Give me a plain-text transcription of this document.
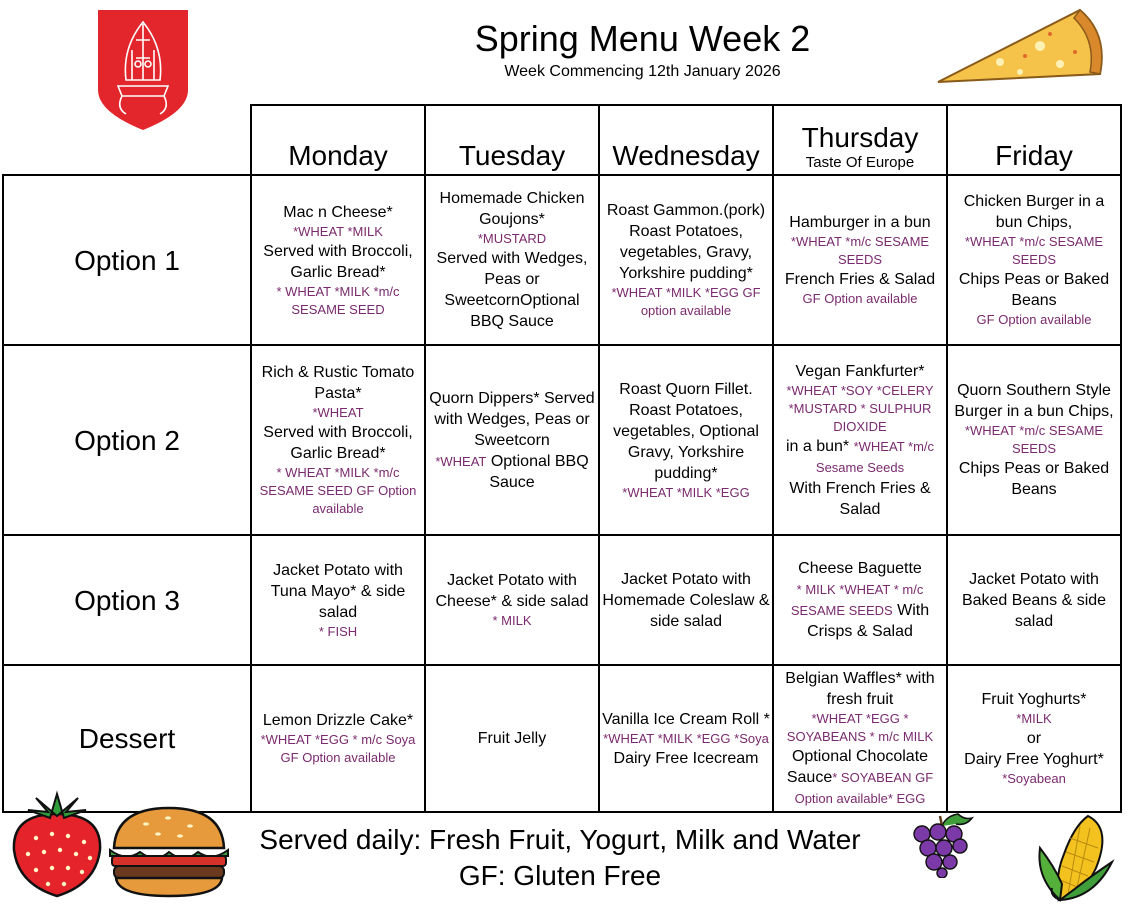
Spring Menu Week 2
Week Commencing 12th January 2026
	Monday	Tuesday	Wednesday	Thursday
Taste Of Europe	Friday
Option 1	Mac n Cheese*
*WHEAT *MILK
Served with Broccoli, Garlic Bread*
* WHEAT *MILK *m/c SESAME SEED	Homemade Chicken Goujons*
*MUSTARD
Served with Wedges, Peas or SweetcornOptional BBQ Sauce	Roast Gammon.(pork) Roast Potatoes, vegetables, Gravy, Yorkshire pudding*
*WHEAT *MILK *EGG GF option available	Hamburger in a bun
*WHEAT *m/c SESAME SEEDS
French Fries & Salad
GF Option available	Chicken Burger in a bun Chips,
*WHEAT *m/c SESAME SEEDS
Chips Peas or Baked Beans
GF Option available

Option 2	Rich & Rustic Tomato Pasta*
*WHEAT
Served with Broccoli, Garlic Bread*
* WHEAT *MILK *m/c SESAME SEED GF Option available	Quorn Dippers* Served with Wedges, Peas or Sweetcorn
*WHEAT Optional BBQ Sauce	Roast Quorn Fillet. Roast Potatoes, vegetables, Optional Gravy, Yorkshire pudding*
*WHEAT *MILK *EGG	Vegan Fankfurter*
*WHEAT *SOY *CELERY *MUSTARD * SULPHUR DIOXIDE
in a bun* *WHEAT *m/c Sesame Seeds
With French Fries & Salad	Quorn Southern Style Burger in a bun Chips,
*WHEAT *m/c SESAME SEEDS
Chips Peas or Baked Beans

Option 3	Jacket Potato with Tuna Mayo* & side salad
* FISH	Jacket Potato with Cheese* & side salad
* MILK	Jacket Potato with Homemade Coleslaw & side salad	Cheese Baguette
* MILK *WHEAT * m/c SESAME SEEDS With Crisps & Salad	Jacket Potato with Baked Beans & side salad

Dessert	Lemon Drizzle Cake*
*WHEAT *EGG * m/c Soya GF Option available	Fruit Jelly	Vanilla Ice Cream Roll *
*WHEAT *MILK *EGG *Soya
Dairy Free Icecream	Belgian Waffles* with fresh fruit
*WHEAT *EGG * SOYABEANS * m/c MILK
Optional Chocolate Sauce* SOYABEAN GF Option available* EGG	Fruit Yoghurts*
*MILK
or
Dairy Free Yoghurt*
*Soyabean
Served daily: Fresh Fruit, Yogurt, Milk and Water
GF: Gluten Free
